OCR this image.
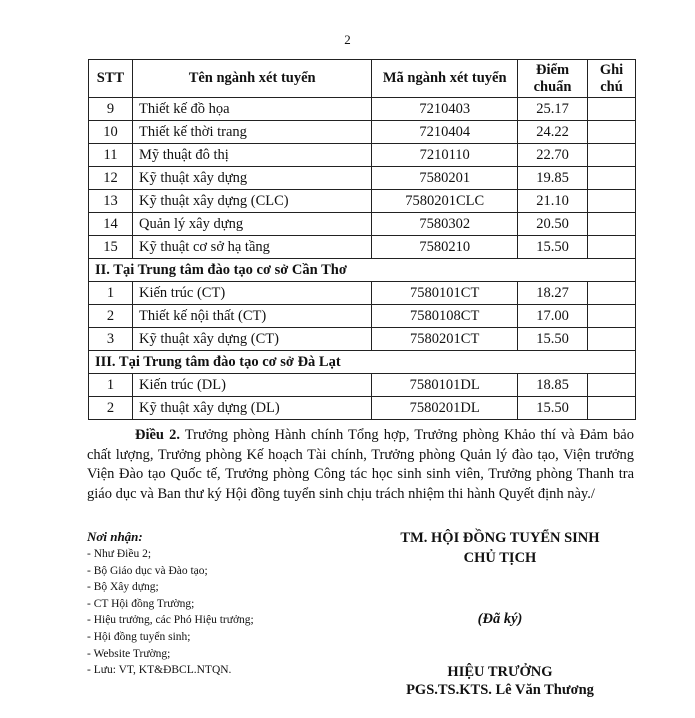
2
STT	Tên ngành xét tuyển	Mã ngành xét tuyển	Điểm chuẩn	Ghi chú
9	Thiết kế đồ họa	7210403	25.17	
10	Thiết kế thời trang	7210404	24.22	
11	Mỹ thuật đô thị	7210110	22.70	
12	Kỹ thuật xây dựng	7580201	19.85	
13	Kỹ thuật xây dựng (CLC)	7580201CLC	21.10	
14	Quản lý xây dựng	7580302	20.50	
15	Kỹ thuật cơ sở hạ tầng	7580210	15.50	
II. Tại Trung tâm đào tạo cơ sở Cần Thơ				
1	Kiến trúc (CT)	7580101CT	18.27	
2	Thiết kế nội thất (CT)	7580108CT	17.00	
3	Kỹ thuật xây dựng (CT)	7580201CT	15.50	
III. Tại Trung tâm đào tạo cơ sở Đà Lạt				
1	Kiến trúc (DL)	7580101DL	18.85	
2	Kỹ thuật xây dựng (DL)	7580201DL	15.50	
Điều 2. Trưởng phòng Hành chính Tổng hợp, Trưởng phòng Khảo thí và Đảm bảo chất lượng, Trưởng phòng Kế hoạch Tài chính, Trưởng phòng Quản lý đào tạo, Viện trưởng Viện Đào tạo Quốc tế, Trưởng phòng Công tác học sinh sinh viên, Trưởng phòng Thanh tra giáo dục và Ban thư ký Hội đồng tuyển sinh chịu trách nhiệm thi hành Quyết định này./
Nơi nhận:
- Như Điều 2;
- Bộ Giáo dục và Đào tạo;
- Bộ Xây dựng;
- CT Hội đồng Trường;
- Hiệu trưởng, các Phó Hiệu trưởng;
- Hội đồng tuyển sinh;
- Website Trường;
- Lưu: VT, KT&ĐBCL.NTQN.
TM. HỘI ĐỒNG TUYỂN SINH
CHỦ TỊCH
(Đã ký)
HIỆU TRƯỞNG
PGS.TS.KTS. Lê Văn Thương
